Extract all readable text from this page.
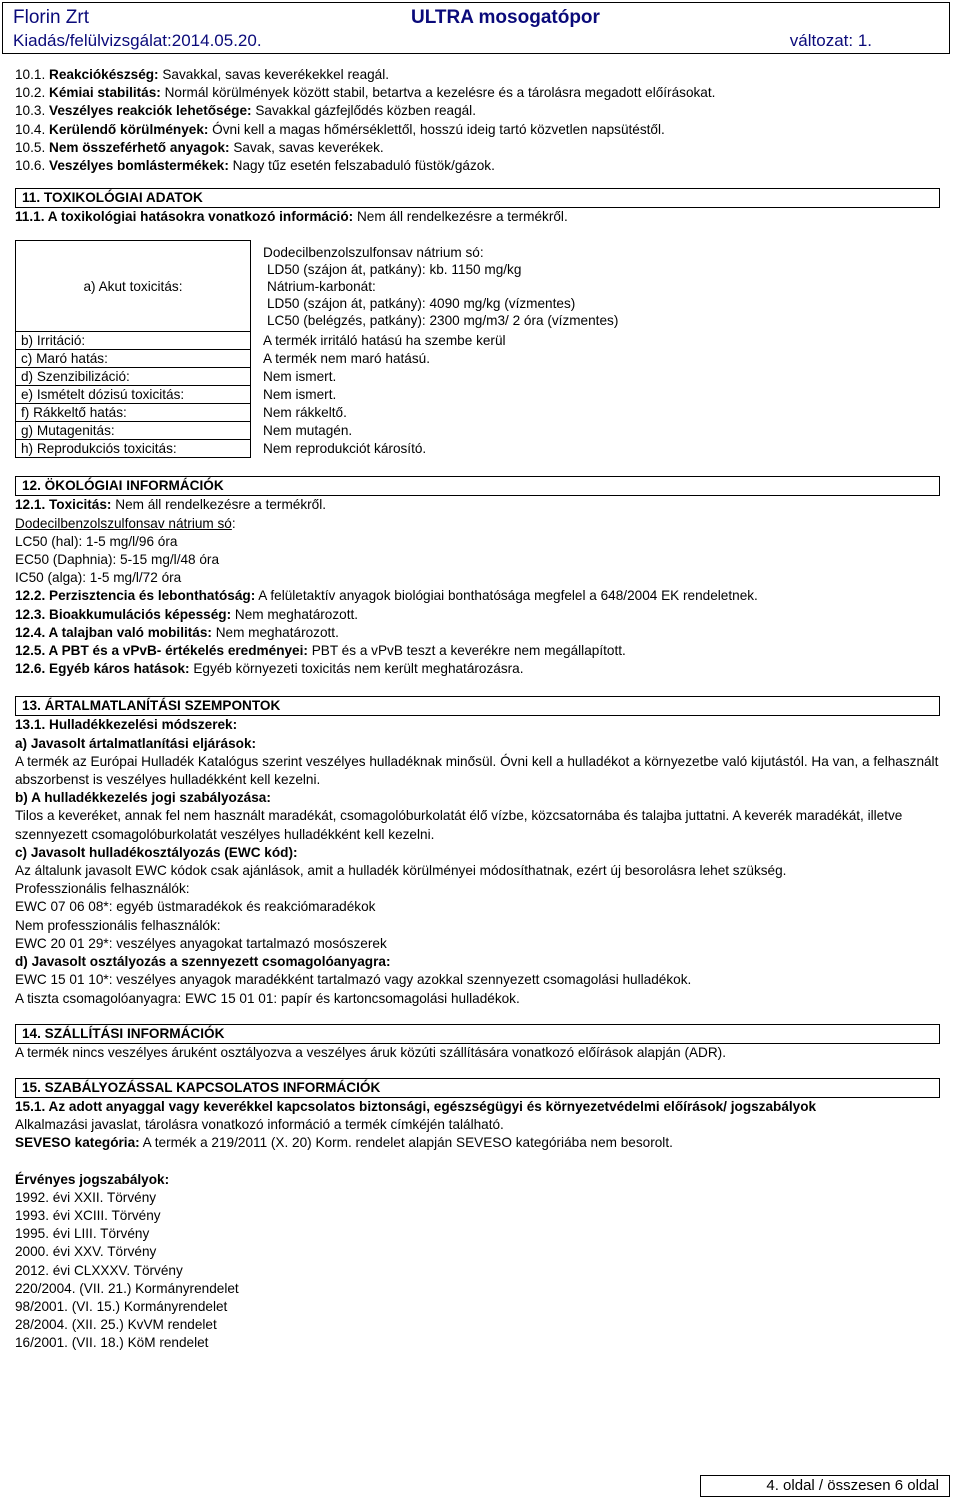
Florin Zrt	ULTRA mosogatópor
Kiadás/felülvizsgálat:2014.05.20.	változat: 1.

10.1. Reakciókészség: Savakkal, savas keverékekkel reagál.

10.2. Kémiai stabilitás: Normál körülmények között stabil, betartva a kezelésre és a tárolásra megadott előírásokat.

10.3. Veszélyes reakciók lehetősége: Savakkal gázfejlődés közben reagál.

10.4. Kerülendő körülmények: Óvni kell a magas hőmérséklettől, hosszú ideig tartó közvetlen napsütéstől.

10.5. Nem összeférhető anyagok: Savak, savas keverékek.

10.6. Veszélyes bomlástermékek: Nagy tűz esetén felszabaduló füstök/gázok.

11. TOXIKOLÓGIAI ADATOK

11.1. A toxikológiai hatásokra vonatkozó információ: Nem áll rendelkezésre a termékről.

a) Akut toxicitás:	Dodecilbenzolszulfonsav nátrium só:
LD50 (szájon át, patkány): kb. 1150 mg/kg
Nátrium-karbonát:
LD50 (szájon át, patkány): 4090 mg/kg (vízmentes)
LC50 (belégzés, patkány): 2300 mg/m3/ 2 óra (vízmentes)

b) Irritáció:	A termék irritáló hatású ha szembe kerül
c) Maró hatás:	A termék nem maró hatású.
d) Szenzibilizáció:	Nem ismert.
e) Ismételt dózisú toxicitás:	Nem ismert.
f) Rákkeltő hatás:	Nem rákkeltő.
g) Mutagenitás:	Nem mutagén.
h) Reprodukciós toxicitás:	Nem reprodukciót károsító.
12. ÖKOLÓGIAI INFORMÁCIÓK

12.1. Toxicitás: Nem áll rendelkezésre a termékről.

Dodecilbenzolszulfonsav nátrium só:

LC50 (hal): 1-5 mg/l/96 óra

EC50 (Daphnia): 5-15 mg/l/48 óra

IC50 (alga): 1-5 mg/l/72 óra

12.2. Perzisztencia és lebonthatóság: A felületaktív anyagok biológiai bonthatósága megfelel a 648/2004 EK rendeletnek.

12.3. Bioakkumulációs képesség: Nem meghatározott.

12.4. A talajban való mobilitás: Nem meghatározott.

12.5. A PBT és a vPvB- értékelés eredményei: PBT és a vPvB teszt a keverékre nem megállapított.

12.6. Egyéb káros hatások: Egyéb környezeti toxicitás nem került meghatározásra.

13. ÁRTALMATLANÍTÁSI SZEMPONTOK

13.1. Hulladékkezelési módszerek:

a) Javasolt ártalmatlanítási eljárások:

A termék az Európai Hulladék Katalógus szerint veszélyes hulladéknak minősül. Óvni kell a hulladékot a környezetbe való kijutástól. Ha van, a felhasznált abszorbenst is veszélyes hulladékként kell kezelni.

b) A hulladékkezelés jogi szabályozása:

Tilos a keveréket, annak fel nem használt maradékát, csomagolóburkolatát élő vízbe, közcsatornába és talajba juttatni. A keverék maradékát, illetve szennyezett csomagolóburkolatát veszélyes hulladékként kell kezelni.

c) Javasolt hulladékosztályozás (EWC kód):

Az általunk javasolt EWC kódok csak ajánlások, amit a hulladék körülményei módosíthatnak, ezért új besorolásra lehet szükség.

Professzionális felhasználók:

EWC 07 06 08*: egyéb üstmaradékok és reakciómaradékok

Nem professzionális felhasználók:

EWC 20 01 29*: veszélyes anyagokat tartalmazó mosószerek

d) Javasolt osztályozás a szennyezett csomagolóanyagra:

EWC 15 01 10*: veszélyes anyagok maradékként tartalmazó vagy azokkal szennyezett csomagolási hulladékok.

A tiszta csomagolóanyagra: EWC 15 01 01: papír és kartoncsomagolási hulladékok.

14. SZÁLLÍTÁSI INFORMÁCIÓK

A termék nincs veszélyes áruként osztályozva a veszélyes áruk közúti szállítására vonatkozó előírások alapján (ADR).

15. SZABÁLYOZÁSSAL KAPCSOLATOS INFORMÁCIÓK

15.1. Az adott anyaggal vagy keverékkel kapcsolatos biztonsági, egészségügyi és környezetvédelmi előírások/ jogszabályok

Alkalmazási javaslat, tárolásra vonatkozó információ a termék címkéjén található.

SEVESO kategória: A termék a 219/2011 (X. 20) Korm. rendelet alapján SEVESO kategóriába nem besorolt.

Érvényes jogszabályok:

1992. évi XXII. Törvény

1993. évi XCIII. Törvény

1995. évi LIII. Törvény

2000. évi XXV. Törvény

2012. évi CLXXXV. Törvény

220/2004. (VII. 21.) Kormányrendelet

98/2001. (VI. 15.) Kormányrendelet

28/2004. (XII. 25.) KvVM rendelet

16/2001. (VII. 18.) KöM rendelet

4. oldal / összesen 6 oldal
